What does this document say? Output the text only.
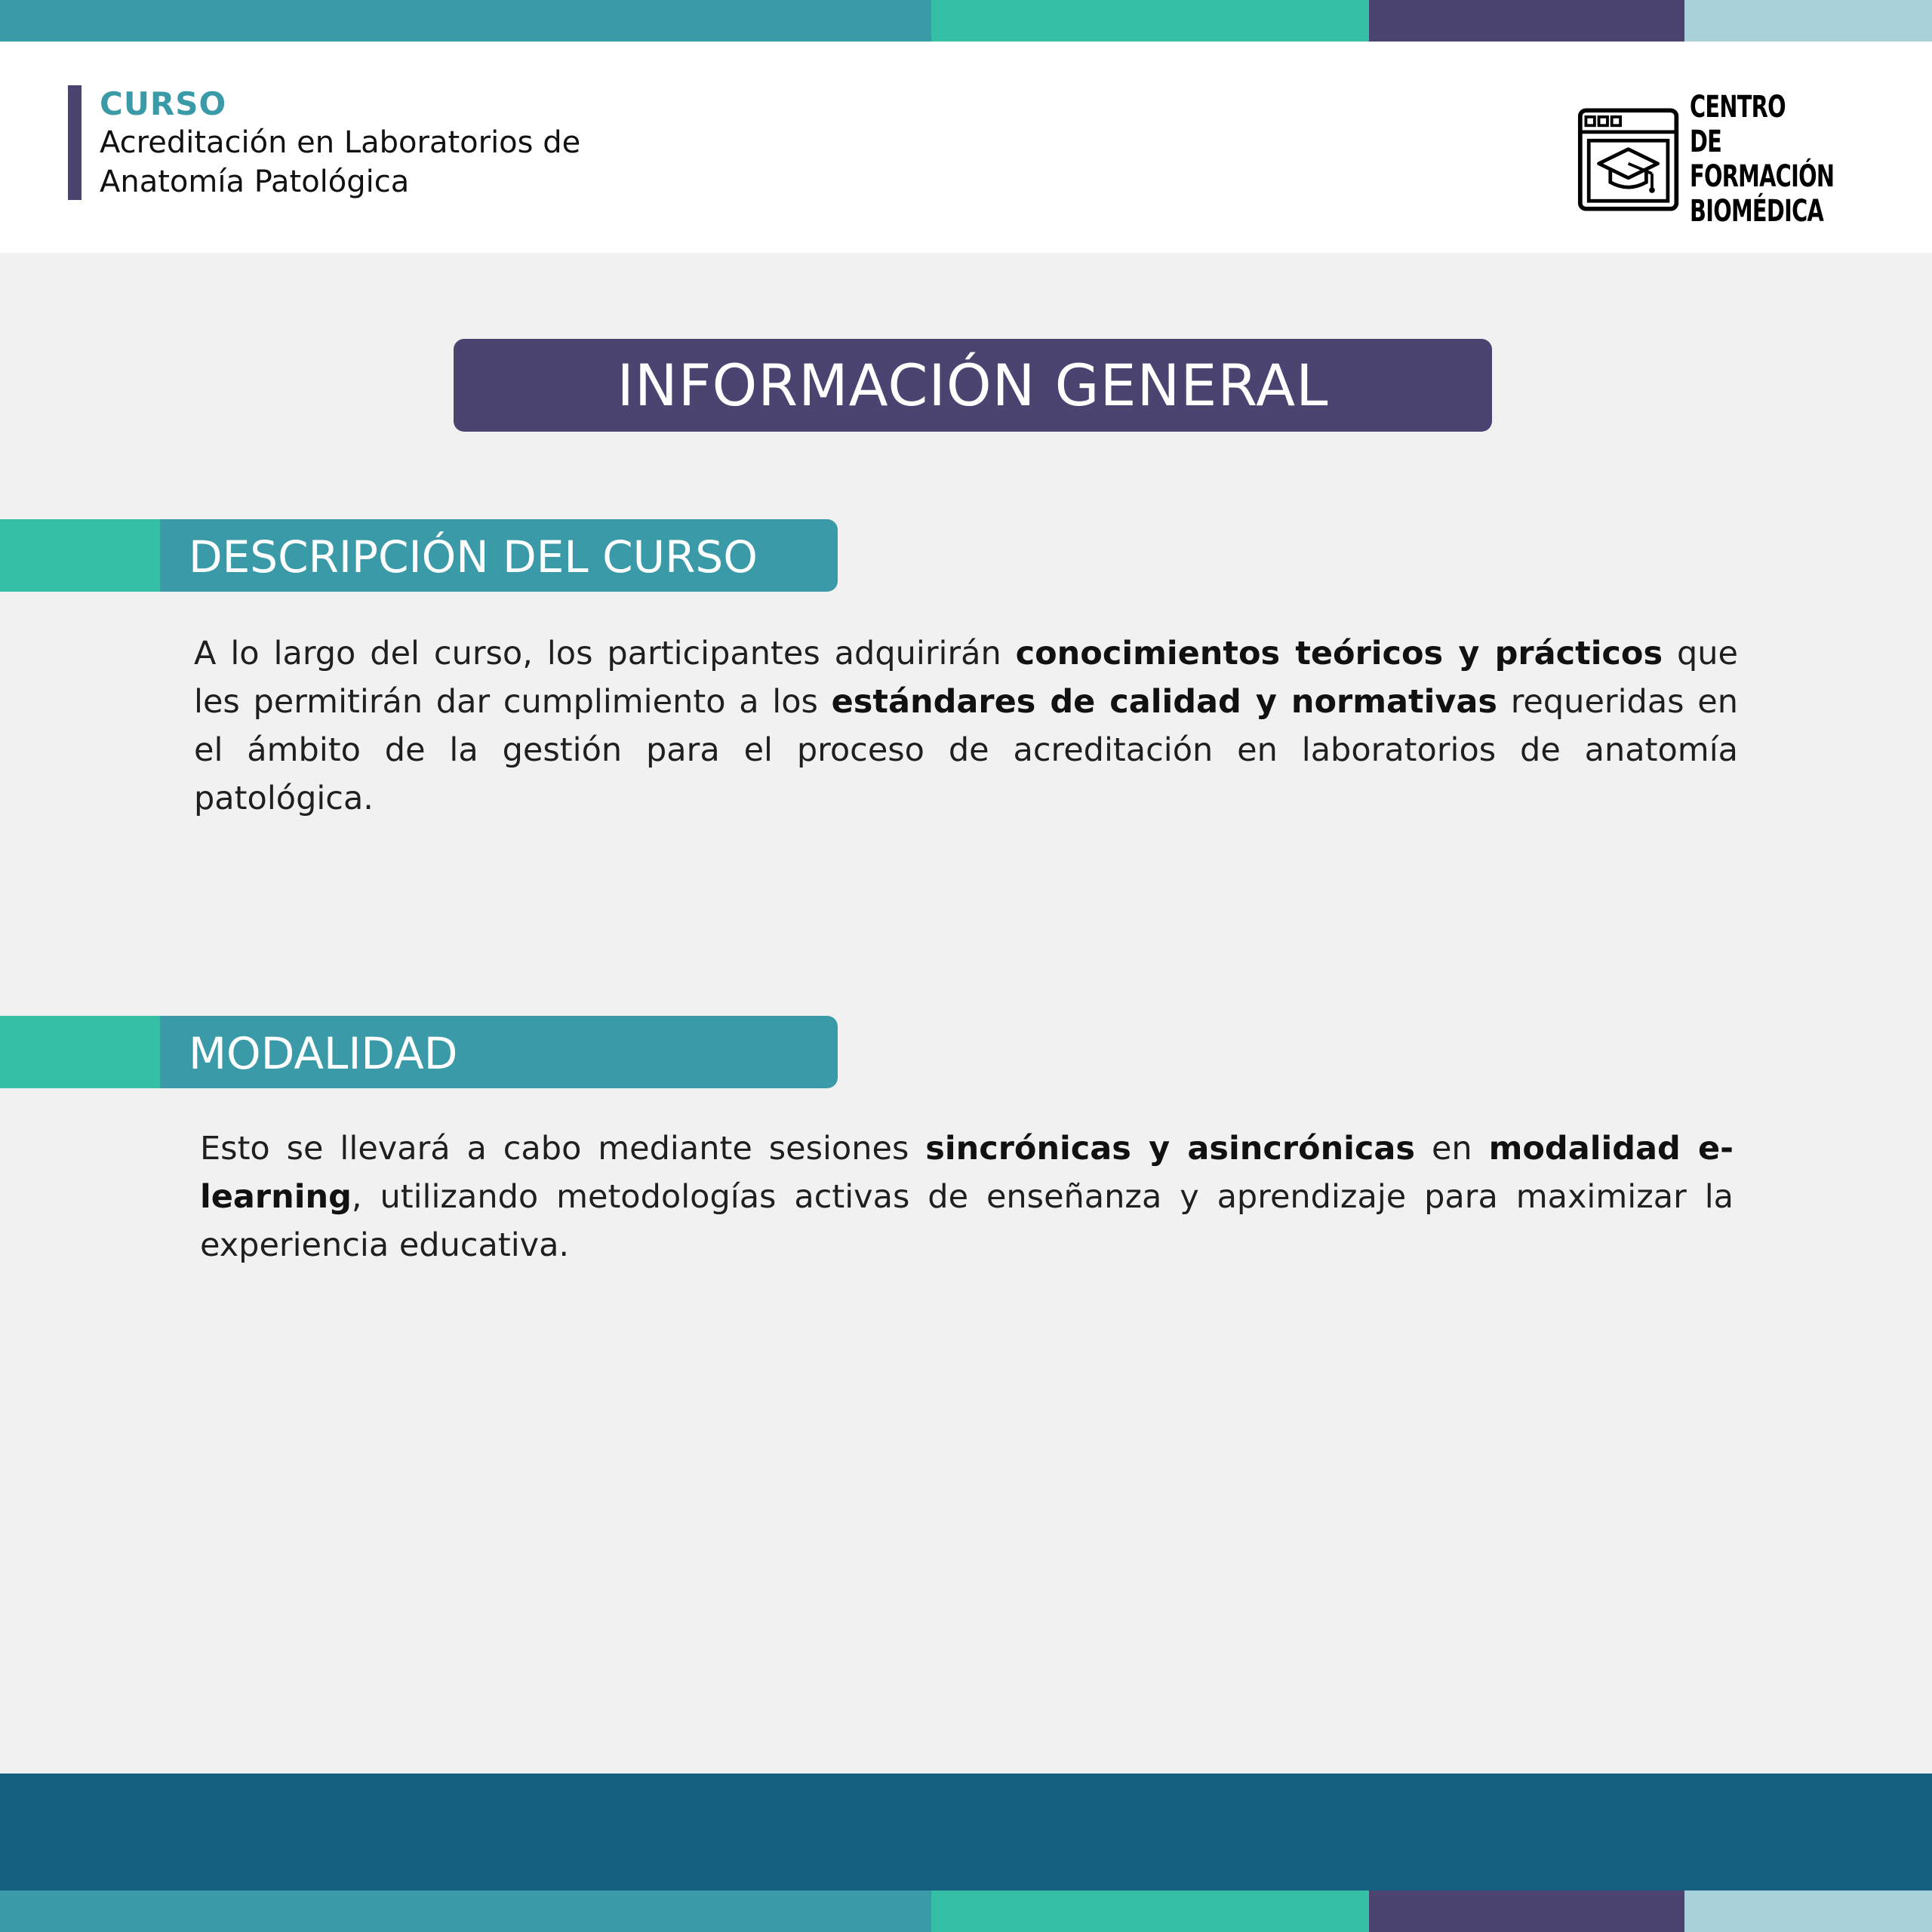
CURSO
Acreditación en Laboratorios de
Anatomía Patológica
CENTRO
DE FORMACIÓN
BIOMÉDICA
INFORMACIÓN GENERAL
DESCRIPCIÓN DEL CURSO

A lo largo del curso, los participantes adquirirán conocimientos teóricos y prácticos que les permitirán dar cumplimiento a los estándares de calidad y normativas requeridas en el ámbito de la gestión para el proceso de acreditación en laboratorios de anatomía patológica.

MODALIDAD

Esto se llevará a cabo mediante sesiones sincrónicas y asincrónicas en modalidad e-learning, utilizando metodologías activas de enseñanza y aprendizaje para maximizar la experiencia educativa.
